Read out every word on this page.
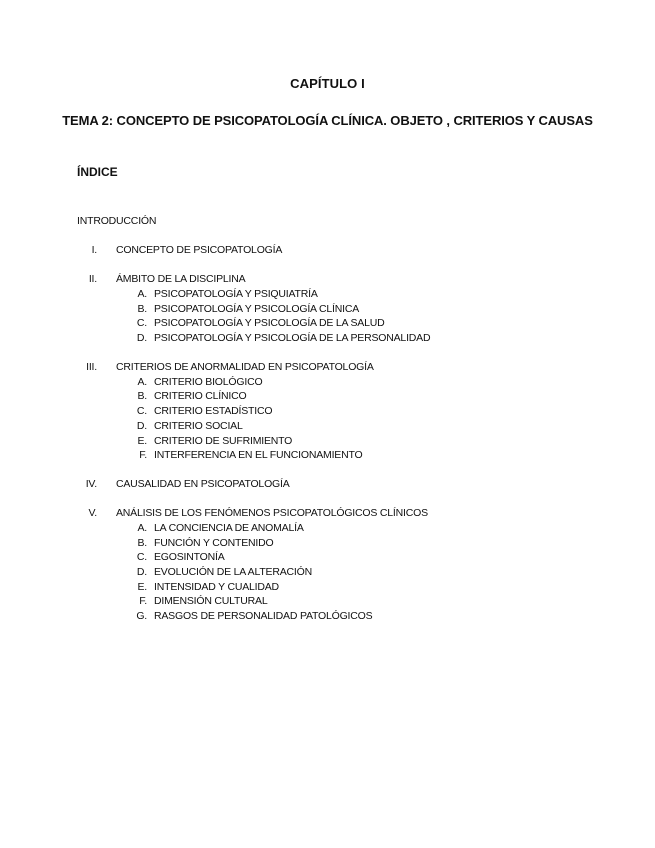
CAPÍTULO I
TEMA 2: CONCEPTO DE PSICOPATOLOGÍA CLÍNICA. OBJETO , CRITERIOS Y CAUSAS
ÍNDICE
INTRODUCCIÓN
I. CONCEPTO DE PSICOPATOLOGÍA
II. ÁMBITO DE LA DISCIPLINA
A. PSICOPATOLOGÍA Y PSIQUIATRÍA
B. PSICOPATOLOGÍA Y PSICOLOGÍA CLÍNICA
C. PSICOPATOLOGÍA Y PSICOLOGÍA DE LA SALUD
D. PSICOPATOLOGÍA Y PSICOLOGÍA DE LA PERSONALIDAD
III. CRITERIOS DE ANORMALIDAD EN PSICOPATOLOGÍA
A. CRITERIO BIOLÓGICO
B. CRITERIO CLÍNICO
C. CRITERIO ESTADÍSTICO
D. CRITERIO SOCIAL
E. CRITERIO DE SUFRIMIENTO
F. INTERFERENCIA EN EL FUNCIONAMIENTO
IV. CAUSALIDAD EN PSICOPATOLOGÍA
V. ANÁLISIS DE LOS FENÓMENOS PSICOPATOLÓGICOS CLÍNICOS
A. LA CONCIENCIA DE ANOMALÍA
B. FUNCIÓN Y CONTENIDO
C. EGOSINTONÍA
D. EVOLUCIÓN DE LA ALTERACIÓN
E. INTENSIDAD Y CUALIDAD
F. DIMENSIÓN CULTURAL
G. RASGOS DE PERSONALIDAD PATOLÓGICOS
